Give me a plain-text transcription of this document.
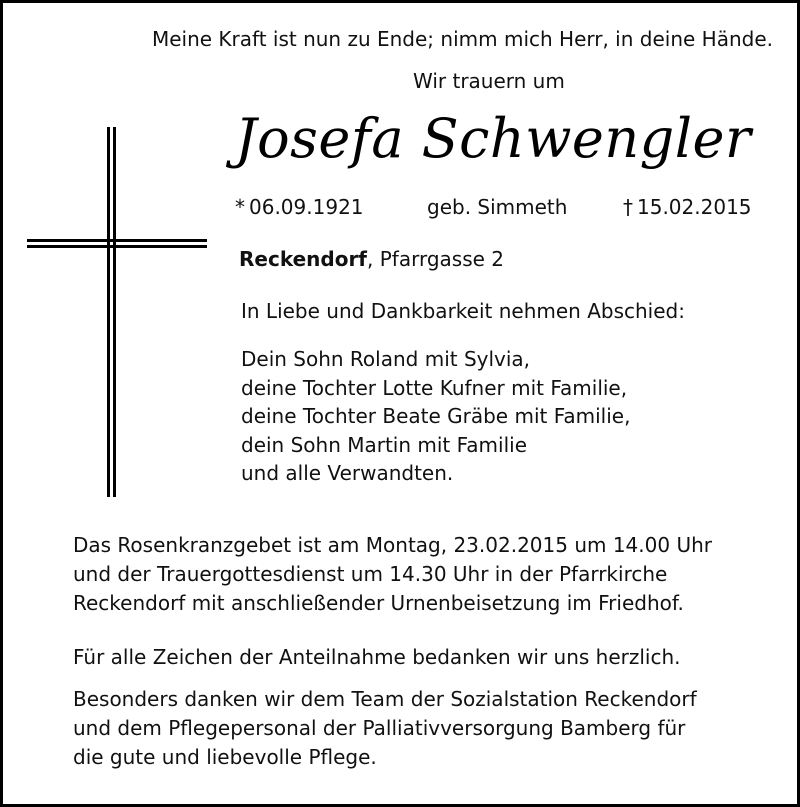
Meine Kraft ist nun zu Ende; nimm mich Herr, in deine Hände.
Wir trauern um
Josefa Schwengler
* 06.09.1921	geb. Simmeth	† 15.02.2015
Reckendorf, Pfarrgasse 2
In Liebe und Dankbarkeit nehmen Abschied:
Dein Sohn Roland mit Sylvia,
deine Tochter Lotte Kufner mit Familie,
deine Tochter Beate Gräbe mit Familie,
dein Sohn Martin mit Familie
und alle Verwandten.
Das Rosenkranzgebet ist am Montag, 23.02.2015 um 14.00 Uhr
und der Trauergottesdienst um 14.30 Uhr in der Pfarrkirche
Reckendorf mit anschließender Urnenbeisetzung im Friedhof.
Für alle Zeichen der Anteilnahme bedanken wir uns herzlich.
Besonders danken wir dem Team der Sozialstation Reckendorf
und dem Pflegepersonal der Palliativversorgung Bamberg für
die gute und liebevolle Pflege.
